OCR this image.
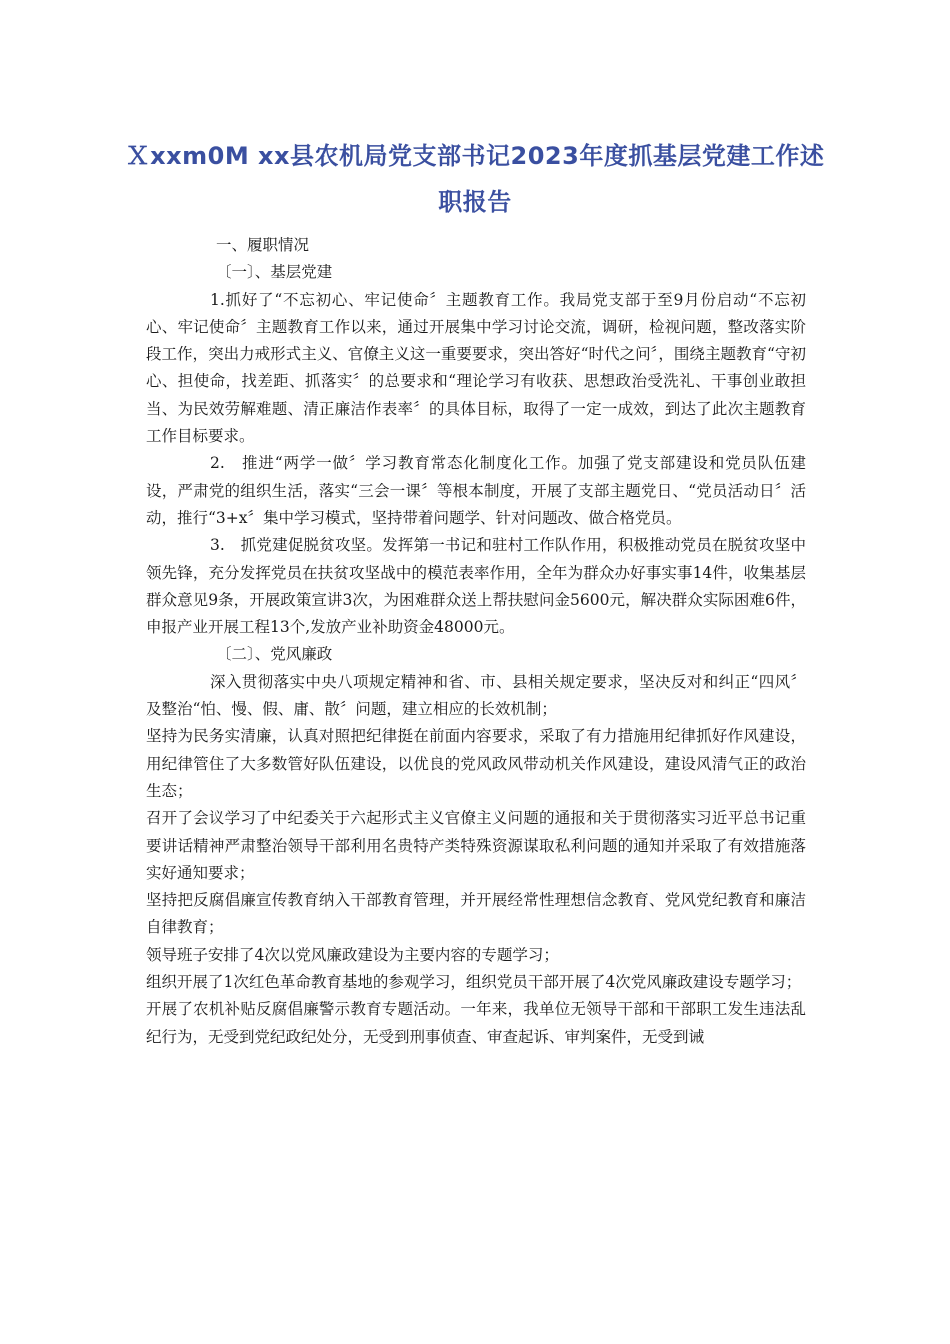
Ｘxxm0M xx县农机局党支部书记2023年度抓基层党建工作述职报告

一、履职情况

〔一〕、基层党建

1.抓好了“不忘初心、牢记使命〞主题教育工作。我局党支部于至9月份启动“不忘初心、牢记使命〞主题教育工作以来，通过开展集中学习讨论交流，调研，检视问题，整改落实阶段工作，突出力戒形式主义、官僚主义这一重要要求，突出答好“时代之问〞，围绕主题教育“守初心、担使命，找差距、抓落实〞的总要求和“理论学习有收获、思想政治受洗礼、干事创业敢担当、为民效劳解难题、清正廉洁作表率〞的具体目标，取得了一定一成效，到达了此次主题教育工作目标要求。

2.　推进“两学一做〞学习教育常态化制度化工作。加强了党支部建设和党员队伍建设，严肃党的组织生活，落实“三会一课〞等根本制度，开展了支部主题党日、“党员活动日〞活动，推行“3+x〞集中学习模式，坚持带着问题学、针对问题改、做合格党员。

3.　抓党建促脱贫攻坚。发挥第一书记和驻村工作队作用，积极推动党员在脱贫攻坚中领先锋，充分发挥党员在扶贫攻坚战中的模范表率作用，全年为群众办好事实事14件，收集基层群众意见9条，开展政策宣讲3次，为困难群众送上帮扶慰问金5600元，解决群众实际困难6件，申报产业开展工程13个,发放产业补助资金48000元。

〔二〕、党风廉政

深入贯彻落实中央八项规定精神和省、市、县相关规定要求，坚决反对和纠正“四风〞及整治“怕、慢、假、庸、散〞问题，建立相应的长效机制；

坚持为民务实清廉，认真对照把纪律挺在前面内容要求，采取了有力措施用纪律抓好作风建设，用纪律管住了大多数管好队伍建设，以优良的党风政风带动机关作风建设，建设风清气正的政治生态；

召开了会议学习了中纪委关于六起形式主义官僚主义问题的通报和关于贯彻落实习近平总书记重要讲话精神严肃整治领导干部利用名贵特产类特殊资源谋取私利问题的通知并采取了有效措施落实好通知要求；

坚持把反腐倡廉宣传教育纳入干部教育管理，并开展经常性理想信念教育、党风党纪教育和廉洁自律教育；

领导班子安排了4次以党风廉政建设为主要内容的专题学习；

组织开展了1次红色革命教育基地的参观学习，组织党员干部开展了4次党风廉政建设专题学习；

开展了农机补贴反腐倡廉警示教育专题活动。一年来，我单位无领导干部和干部职工发生违法乱纪行为，无受到党纪政纪处分，无受到刑事侦查、审查起诉、审判案件，无受到诫
